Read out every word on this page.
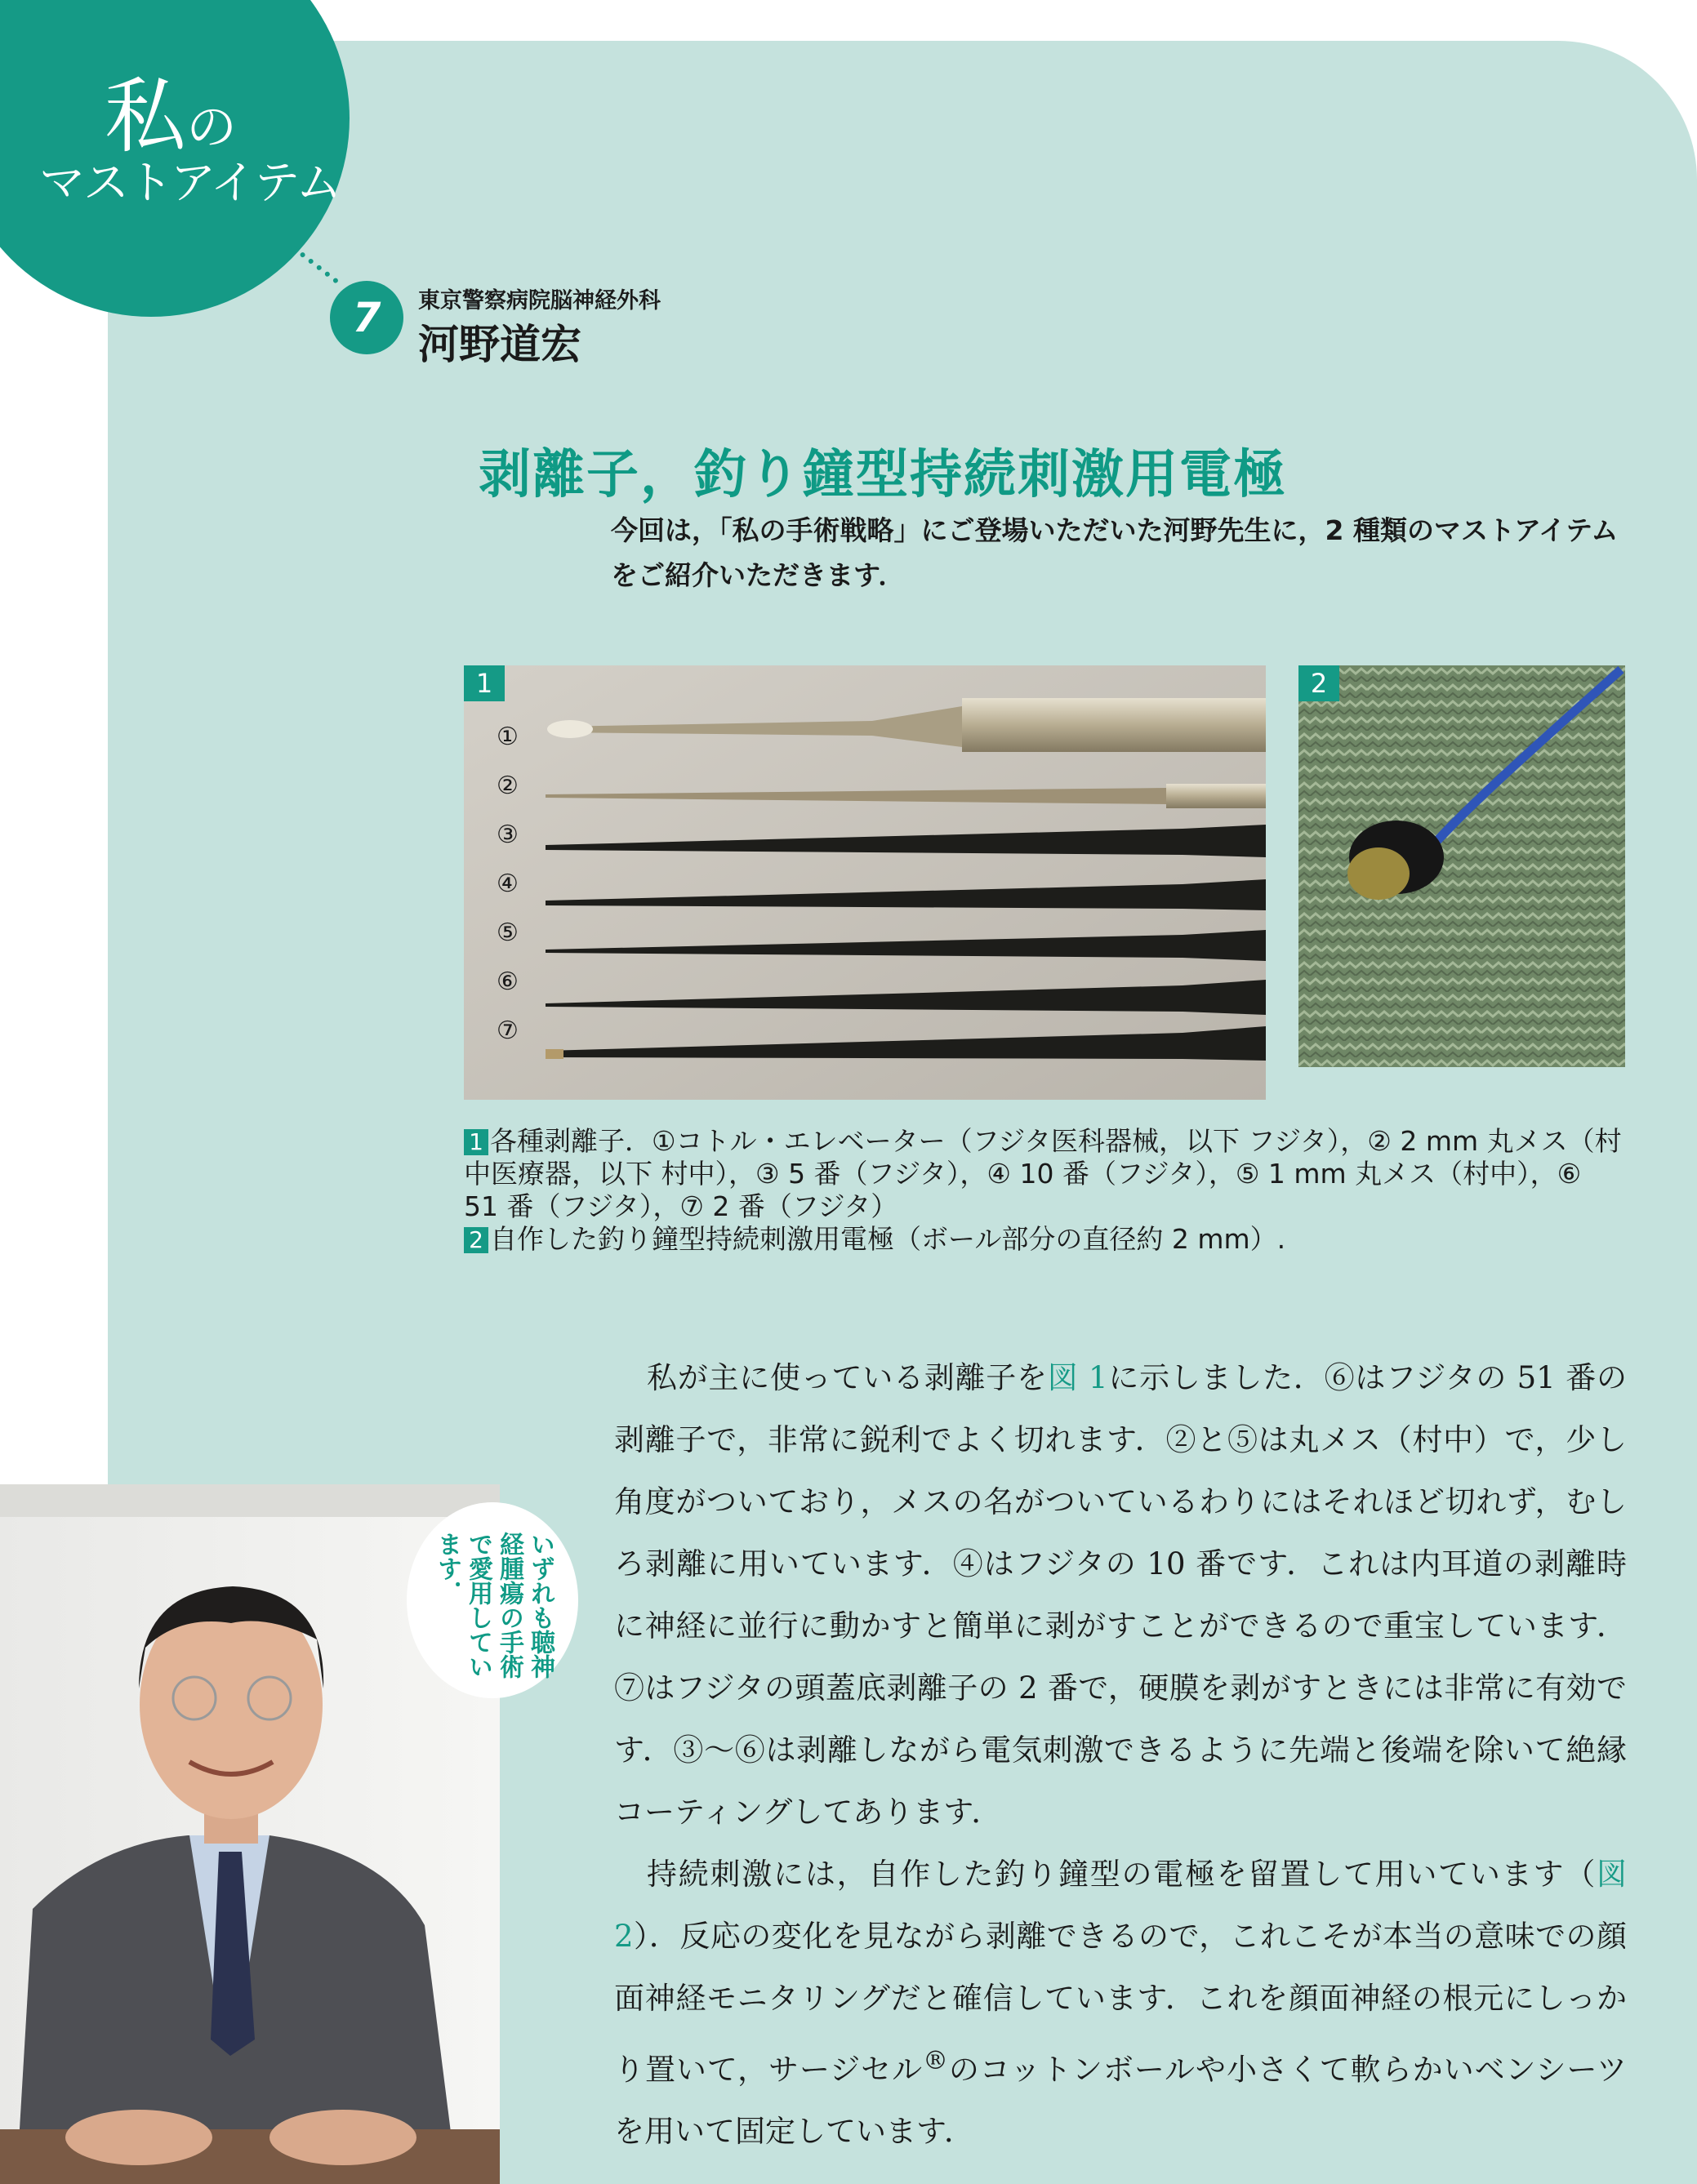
私の
マストアイテム
7	東京警察病院脳神経外科
河野道宏
剥離子，釣り鐘型持続刺激用電極
今回は，「私の手術戦略」にご登場いただいた河野先生に，2 種類のマストアイテムをご紹介いただきます．
1
①
②
③
④
⑤
⑥
⑦
2
1 各種剥離子．①コトル・エレベーター（フジタ医科器械，以下 フジタ），② 2 mm 丸メス（村中医療器，以下 村中），③ 5 番（フジタ），④ 10 番（フジタ），⑤ 1 mm 丸メス（村中），⑥ 51 番（フジタ），⑦ 2 番（フジタ）
2 自作した釣り鐘型持続刺激用電極（ボール部分の直径約 2 mm）.

私が主に使っている剥離子を図 1に示しました．⑥はフジタの 51 番の剥離子で，非常に鋭利でよく切れます．②と⑤は丸メス（村中）で，少し角度がついており，メスの名がついているわりにはそれほど切れず，むしろ剥離に用いています．④はフジタの 10 番です．これは内耳道の剥離時に神経に並行に動かすと簡単に剥がすことができるので重宝しています．⑦はフジタの頭蓋底剥離子の 2 番で，硬膜を剥がすときには非常に有効です．③～⑥は剥離しながら電気刺激できるように先端と後端を除いて絶縁コーティングしてあります．

持続刺激には，自作した釣り鐘型の電極を留置して用いています（図 2）．反応の変化を見ながら剥離できるので，これこそが本当の意味での顔面神経モニタリングだと確信しています．これを顔面神経の根元にしっかり置いて，サージセル®のコットンボールや小さくて軟らかいベンシーツを用いて固定しています．

いずれも聴神経腫瘍の手術で愛用しています．
